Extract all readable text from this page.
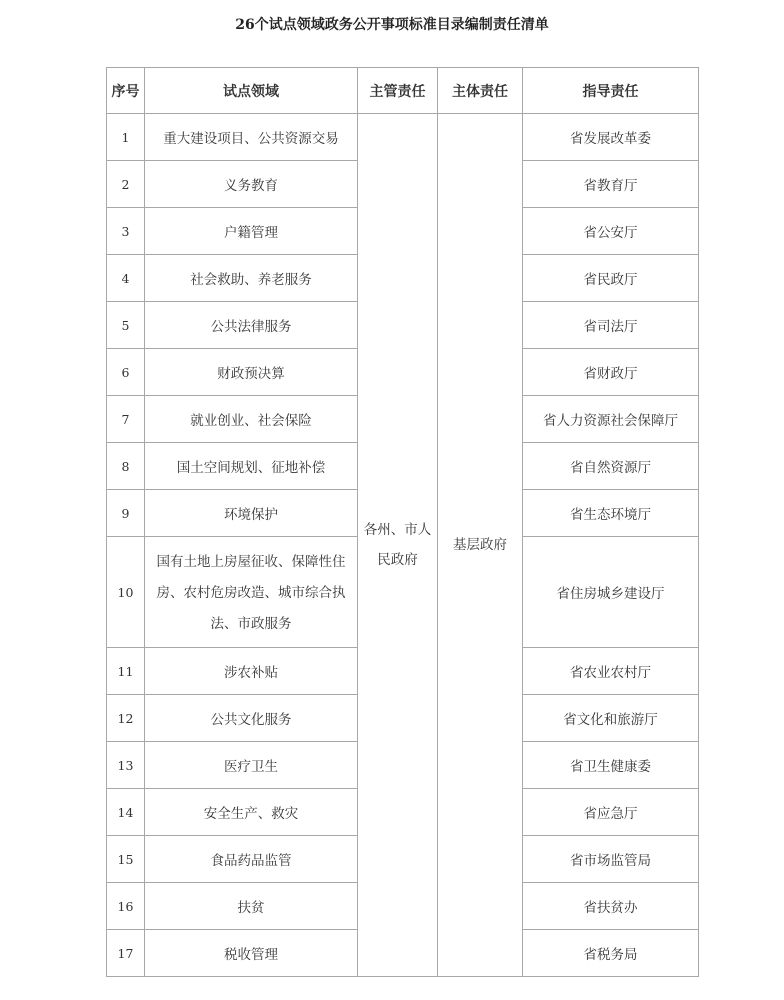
26个试点领域政务公开事项标准目录编制责任清单
序号	试点领域	主管责任	主体责任	指导责任
1	重大建设项目、公共资源交易	各州、市人民政府	基层政府	省发展改革委
2	义务教育			省教育厅
3	户籍管理			省公安厅
4	社会救助、养老服务			省民政厅
5	公共法律服务			省司法厅
6	财政预决算			省财政厅
7	就业创业、社会保险			省人力资源社会保障厅
8	国土空间规划、征地补偿			省自然资源厅
9	环境保护			省生态环境厅
10	国有土地上房屋征收、保障性住房、农村危房改造、城市综合执法、市政服务			省住房城乡建设厅
11	涉农补贴			省农业农村厅
12	公共文化服务			省文化和旅游厅
13	医疗卫生			省卫生健康委
14	安全生产、救灾			省应急厅
15	食品药品监管			省市场监管局
16	扶贫			省扶贫办
17	税收管理			省税务局
